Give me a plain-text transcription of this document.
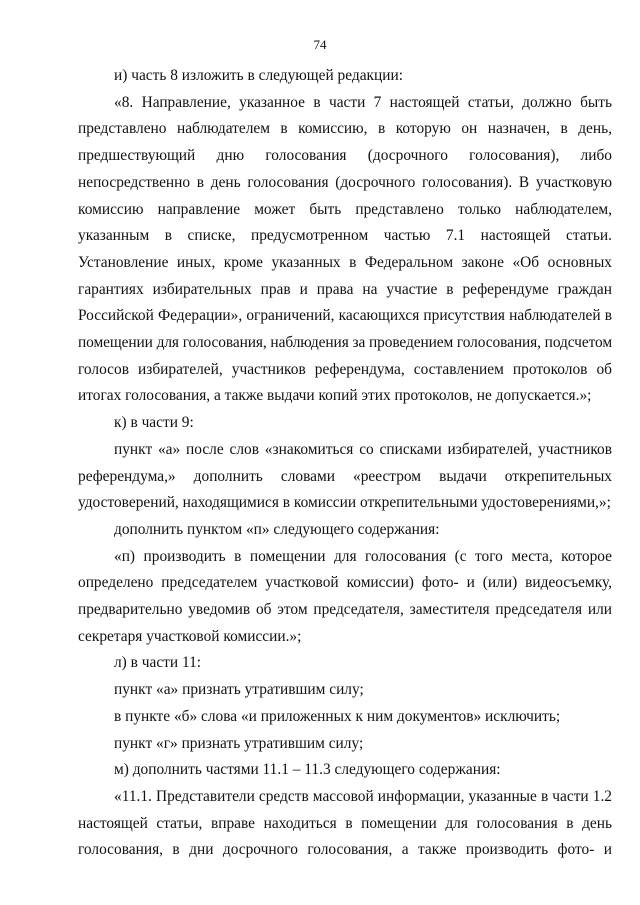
74
и) часть 8 изложить в следующей редакции:
«8. Направление, указанное в части 7 настоящей статьи, должно быть
представлено наблюдателем в комиссию, в которую он назначен, в день,
предшествующий дню голосования (досрочного голосования), либо
непосредственно в день голосования (досрочного голосования). В участковую
комиссию направление может быть представлено только наблюдателем,
указанным в списке, предусмотренном частью 7.1 настоящей статьи.
Установление иных, кроме указанных в Федеральном законе «Об основных
гарантиях избирательных прав и права на участие в референдуме граждан
Российской Федерации», ограничений, касающихся присутствия наблюдателей в
помещении для голосования, наблюдения за проведением голосования, подсчетом
голосов избирателей, участников референдума, составлением протоколов об
итогах голосования, а также выдачи копий этих протоколов, не допускается.»;
к) в части 9:
пункт «а» после слов «знакомиться со списками избирателей, участников
референдума,» дополнить словами «реестром выдачи открепительных
удостоверений, находящимися в комиссии открепительными удостоверениями,»;
дополнить пунктом «п» следующего содержания:
«п) производить в помещении для голосования (с того места, которое
определено председателем участковой комиссии) фото- и (или) видеосъемку,
предварительно уведомив об этом председателя, заместителя председателя или
секретаря участковой комиссии.»;
л) в части 11:
пункт «а» признать утратившим силу;
в пункте «б» слова «и приложенных к ним документов» исключить;
пункт «г» признать утратившим силу;
м) дополнить частями 11.1 – 11.3 следующего содержания:
«11.1. Представители средств массовой информации, указанные в части 1.2
настоящей статьи, вправе находиться в помещении для голосования в день
голосования, в дни досрочного голосования, а также производить фото- и
